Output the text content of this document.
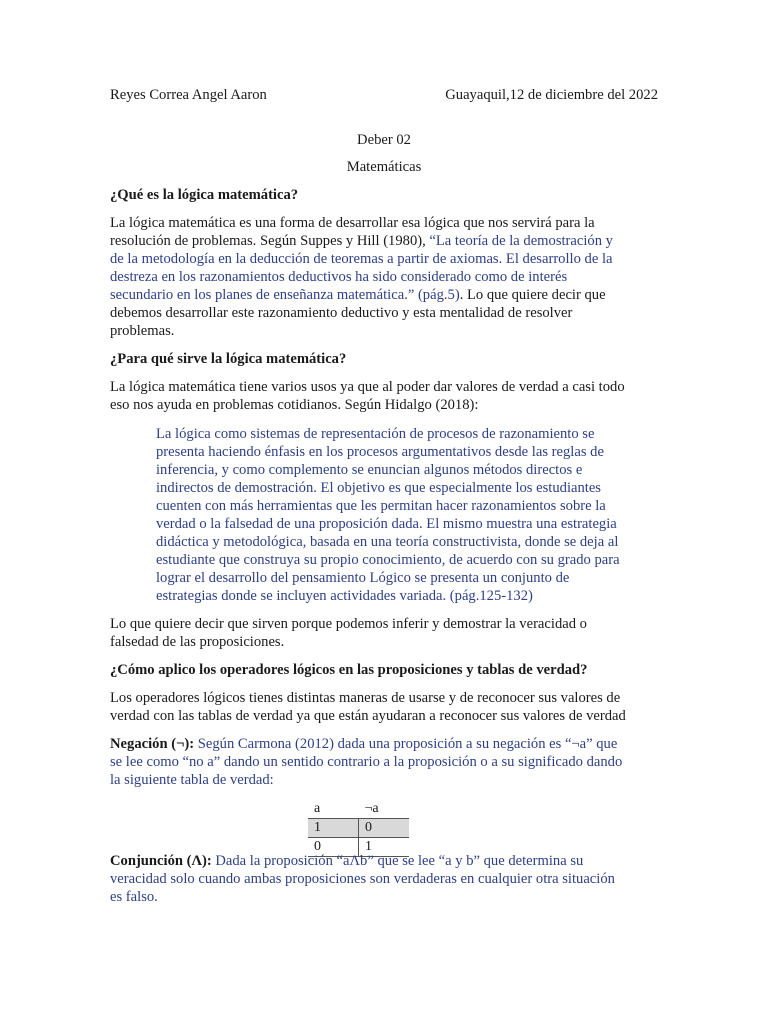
Reyes Correa Angel Aaron	Guayaquil,12 de diciembre del 2022
Deber 02
Matemáticas
¿Qué es la lógica matemática?
La lógica matemática es una forma de desarrollar esa lógica que nos servirá para la
resolución de problemas. Según Suppes y Hill (1980), “La teoría de la demostración y
de la metodología en la deducción de teoremas a partir de axiomas. El desarrollo de la
destreza en los razonamientos deductivos ha sido considerado como de interés
secundario en los planes de enseñanza matemática.” (pág.5). Lo que quiere decir que
debemos desarrollar este razonamiento deductivo y esta mentalidad de resolver
problemas.
¿Para qué sirve la lógica matemática?
La lógica matemática tiene varios usos ya que al poder dar valores de verdad a casi todo
eso nos ayuda en problemas cotidianos. Según Hidalgo (2018):
La lógica como sistemas de representación de procesos de razonamiento se
presenta haciendo énfasis en los procesos argumentativos desde las reglas de
inferencia, y como complemento se enuncian algunos métodos directos e
indirectos de demostración. El objetivo es que especialmente los estudiantes
cuenten con más herramientas que les permitan hacer razonamientos sobre la
verdad o la falsedad de una proposición dada. El mismo muestra una estrategia
didáctica y metodológica, basada en una teoría constructivista, donde se deja al
estudiante que construya su propio conocimiento, de acuerdo con su grado para
lograr el desarrollo del pensamiento Lógico se presenta un conjunto de
estrategias donde se incluyen actividades variada. (pág.125-132)
Lo que quiere decir que sirven porque podemos inferir y demostrar la veracidad o
falsedad de las proposiciones.
¿Cómo aplico los operadores lógicos en las proposiciones y tablas de verdad?
Los operadores lógicos tienes distintas maneras de usarse y de reconocer sus valores de
verdad con las tablas de verdad ya que están ayudaran a reconocer sus valores de verdad
Negación (¬): Según Carmona (2012) dada una proposición a su negación es “¬a” que
se lee como “no a” dando un sentido contrario a la proposición o a su significado dando
la siguiente tabla de verdad:
a	¬a
1	0
0	1
Conjunción (Ʌ): Dada la proposición “aɅb” que se lee “a y b” que determina su
veracidad solo cuando ambas proposiciones son verdaderas en cualquier otra situación
es falso.
